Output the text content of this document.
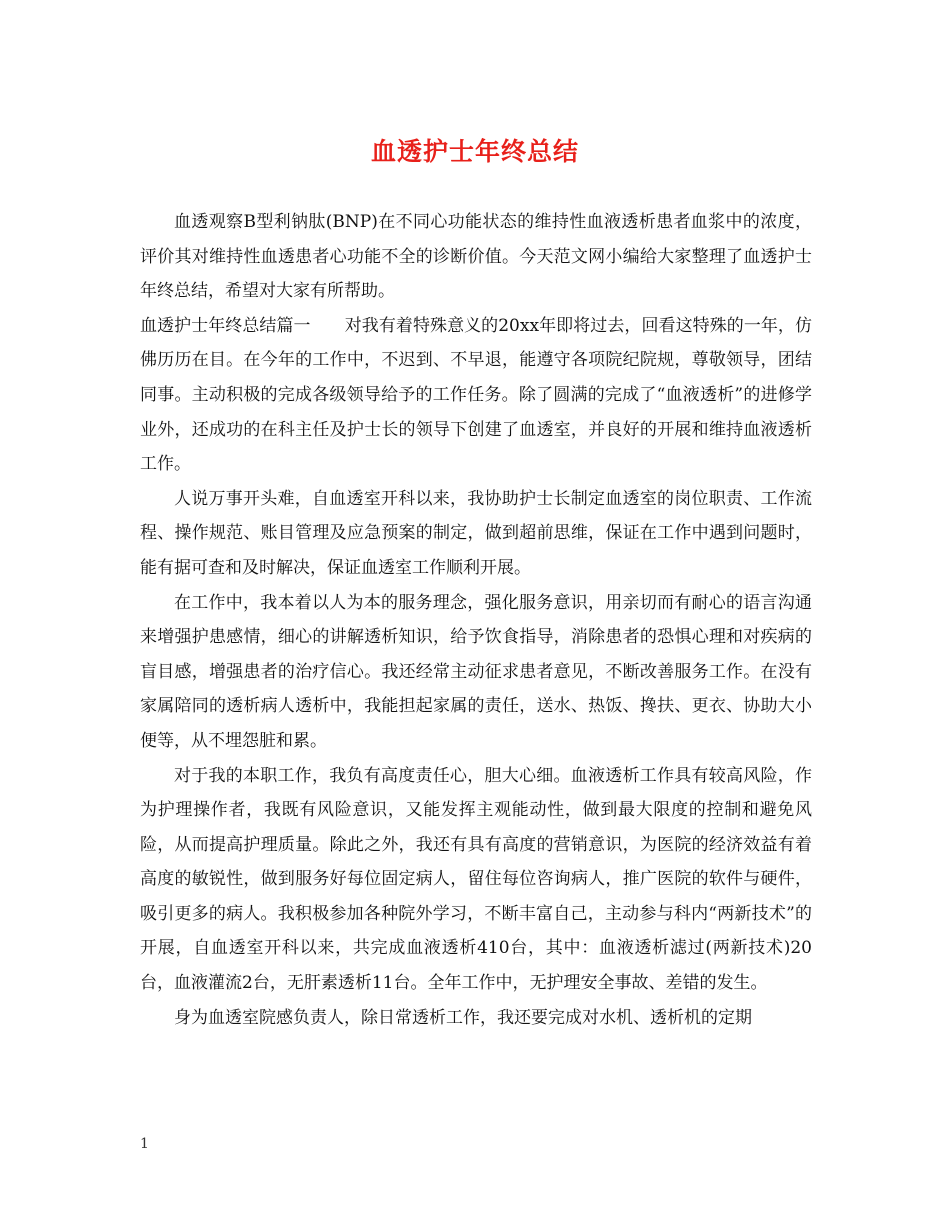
血透护士年终总结

血透观察B型利钠肽(BNP)在不同心功能状态的维持性血液透析患者血浆中的浓度，评价其对维持性血透患者心功能不全的诊断价值。今天范文网小编给大家整理了血透护士年终总结，希望对大家有所帮助。

血透护士年终总结篇一　　对我有着特殊意义的20xx年即将过去，回看这特殊的一年，仿佛历历在目。在今年的工作中，不迟到、不早退，能遵守各项院纪院规，尊敬领导，团结同事。主动积极的完成各级领导给予的工作任务。除了圆满的完成了“血液透析”的进修学业外，还成功的在科主任及护士长的领导下创建了血透室，并良好的开展和维持血液透析工作。

人说万事开头难，自血透室开科以来，我协助护士长制定血透室的岗位职责、工作流程、操作规范、账目管理及应急预案的制定，做到超前思维，保证在工作中遇到问题时，能有据可查和及时解决，保证血透室工作顺利开展。

在工作中，我本着以人为本的服务理念，强化服务意识，用亲切而有耐心的语言沟通来增强护患感情，细心的讲解透析知识，给予饮食指导，消除患者的恐惧心理和对疾病的盲目感，增强患者的治疗信心。我还经常主动征求患者意见，不断改善服务工作。在没有家属陪同的透析病人透析中，我能担起家属的责任，送水、热饭、搀扶、更衣、协助大小便等，从不埋怨脏和累。

对于我的本职工作，我负有高度责任心，胆大心细。血液透析工作具有较高风险，作为护理操作者，我既有风险意识，又能发挥主观能动性，做到最大限度的控制和避免风险，从而提高护理质量。除此之外，我还有具有高度的营销意识，为医院的经济效益有着高度的敏锐性，做到服务好每位固定病人，留住每位咨询病人，推广医院的软件与硬件，吸引更多的病人。我积极参加各种院外学习，不断丰富自己，主动参与科内“两新技术”的开展，自血透室开科以来，共完成血液透析410台，其中：血液透析滤过(两新技术)20台，血液灌流2台，无肝素透析11台。全年工作中，无护理安全事故、差错的发生。

身为血透室院感负责人，除日常透析工作，我还要完成对水机、透析机的定期

1
